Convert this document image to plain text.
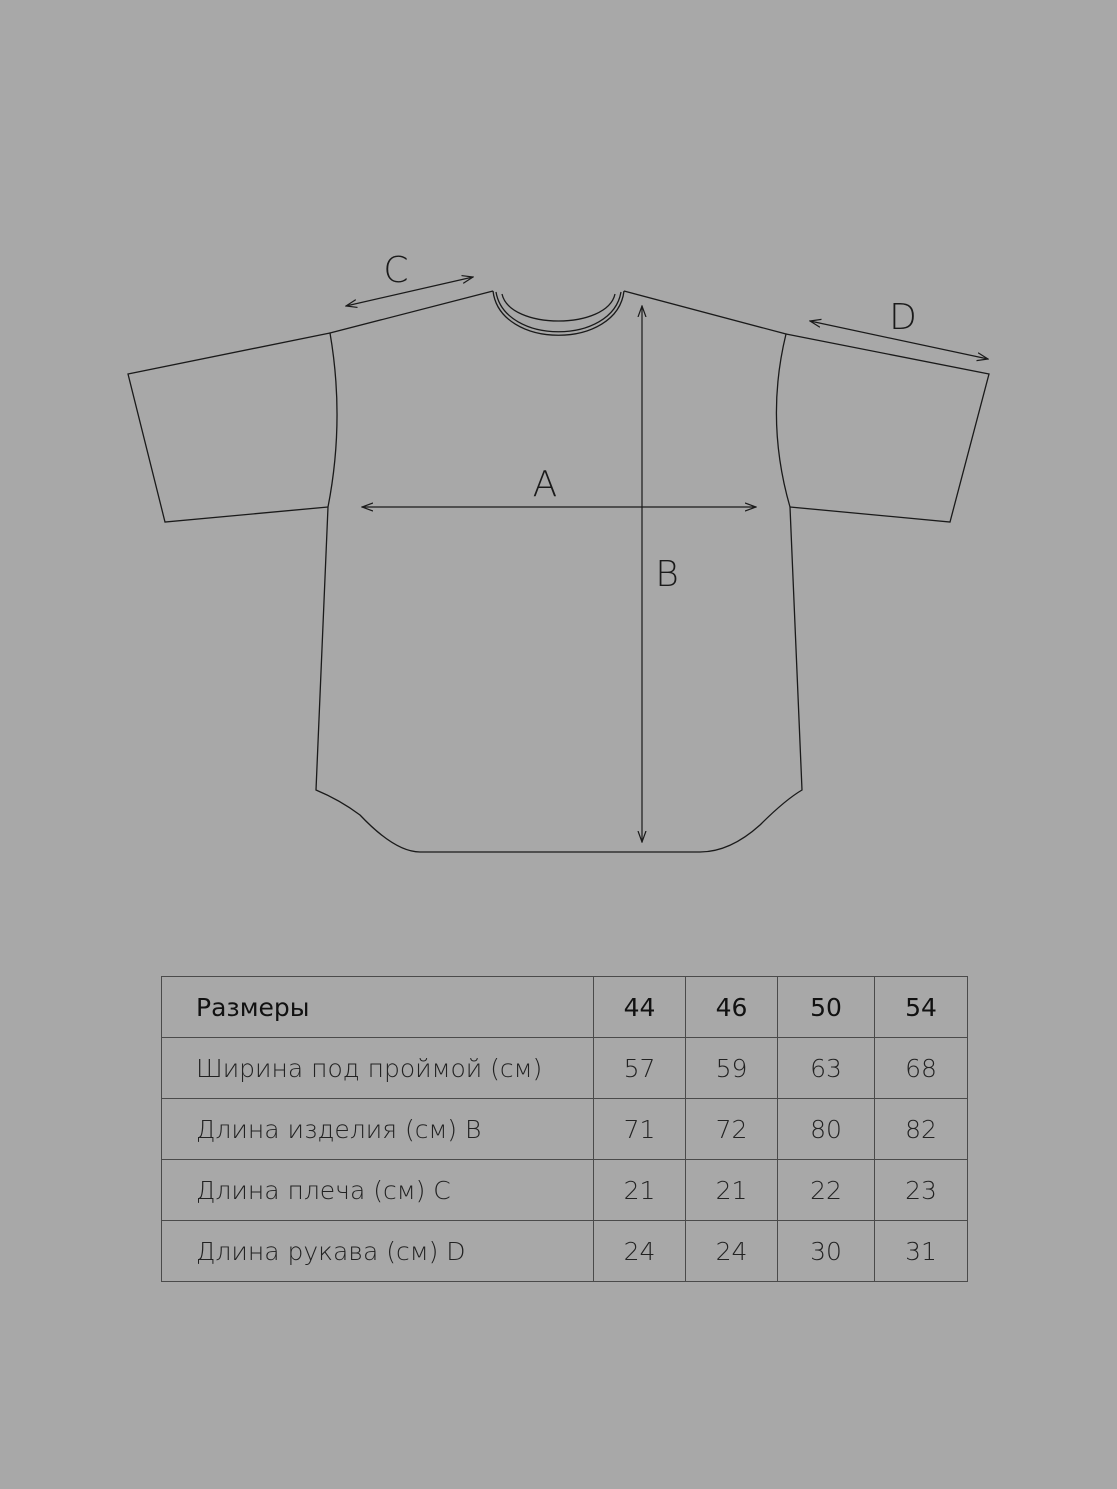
A
B
C
D
Размеры	44	46	50	54
Ширина под проймой (см)	57	59	63	68
Длина изделия (см) B	71	72	80	82
Длина плеча (см) C	21	21	22	23
Длина рукава (см) D	24	24	30	31
